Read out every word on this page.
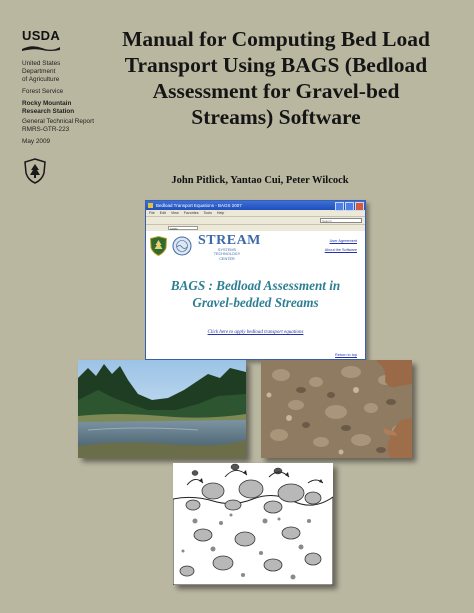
USDA
United States
Department
of Agriculture
Forest Service
Rocky Mountain
Research Station
General Technical Report
RMRS-GTR-223
May 2009
Manual for Computing Bed Load
Transport Using BAGS (Bedload
Assessment for Gravel-bed
Streams) Software
John Pitlick, Yantao Cui, Peter Wilcock
Bedload Transport Equations - BAGS 2007
File Edit View Favorites Tools Help
Search
100%
STREAM
SYSTEMS TECHNOLOGY
CENTER
User Agreement
About the Software
BAGS : Bedload Assessment in
Gravel-bedded Streams
Click here to apply bedload transport equations
Return to top
